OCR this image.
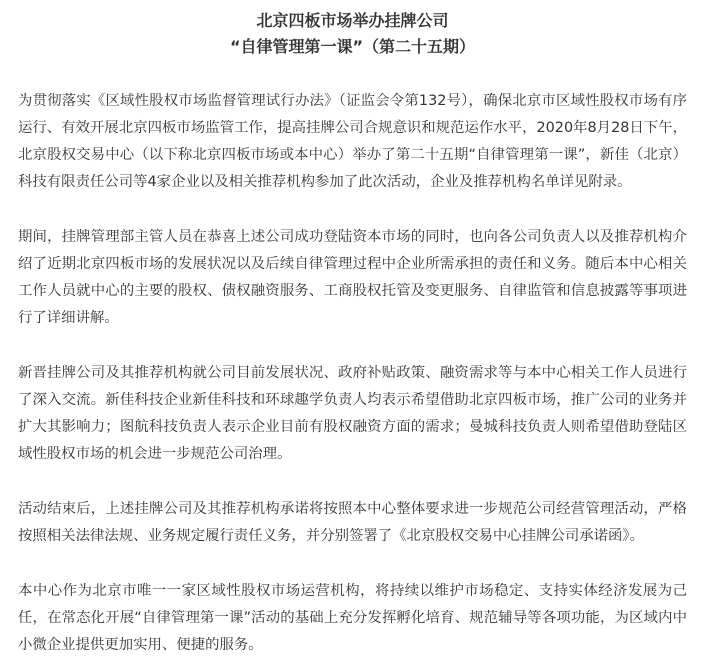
北京四板市场举办挂牌公司
“自律管理第一课”（第二十五期）

为贯彻落实《区域性股权市场监督管理试行办法》（证监会令第132号），确保北京市区域性股权市场有序运行、有效开展北京四板市场监管工作，提高挂牌公司合规意识和规范运作水平，2020年8月28日下午，北京股权交易中心（以下称北京四板市场或本中心）举办了第二十五期“自律管理第一课”，新佳（北京）科技有限责任公司等4家企业以及相关推荐机构参加了此次活动，企业及推荐机构名单详见附录。

期间，挂牌管理部主管人员在恭喜上述公司成功登陆资本市场的同时，也向各公司负责人以及推荐机构介绍了近期北京四板市场的发展状况以及后续自律管理过程中企业所需承担的责任和义务。随后本中心相关工作人员就中心的主要的股权、债权融资服务、工商股权托管及变更服务、自律监管和信息披露等事项进行了详细讲解。

新晋挂牌公司及其推荐机构就公司目前发展状况、政府补贴政策、融资需求等与本中心相关工作人员进行了深入交流。新佳科技企业新佳科技和环球趣学负责人均表示希望借助北京四板市场，推广公司的业务并扩大其影响力；图航科技负责人表示企业目前有股权融资方面的需求；曼城科技负责人则希望借助登陆区域性股权市场的机会进一步规范公司治理。

活动结束后，上述挂牌公司及其推荐机构承诺将按照本中心整体要求进一步规范公司经营管理活动，严格按照相关法律法规、业务规定履行责任义务，并分别签署了《北京股权交易中心挂牌公司承诺函》。

本中心作为北京市唯一一家区域性股权市场运营机构，将持续以维护市场稳定、支持实体经济发展为己任，在常态化开展“自律管理第一课”活动的基础上充分发挥孵化培育、规范辅导等各项功能，为区域内中小微企业提供更加实用、便捷的服务。
